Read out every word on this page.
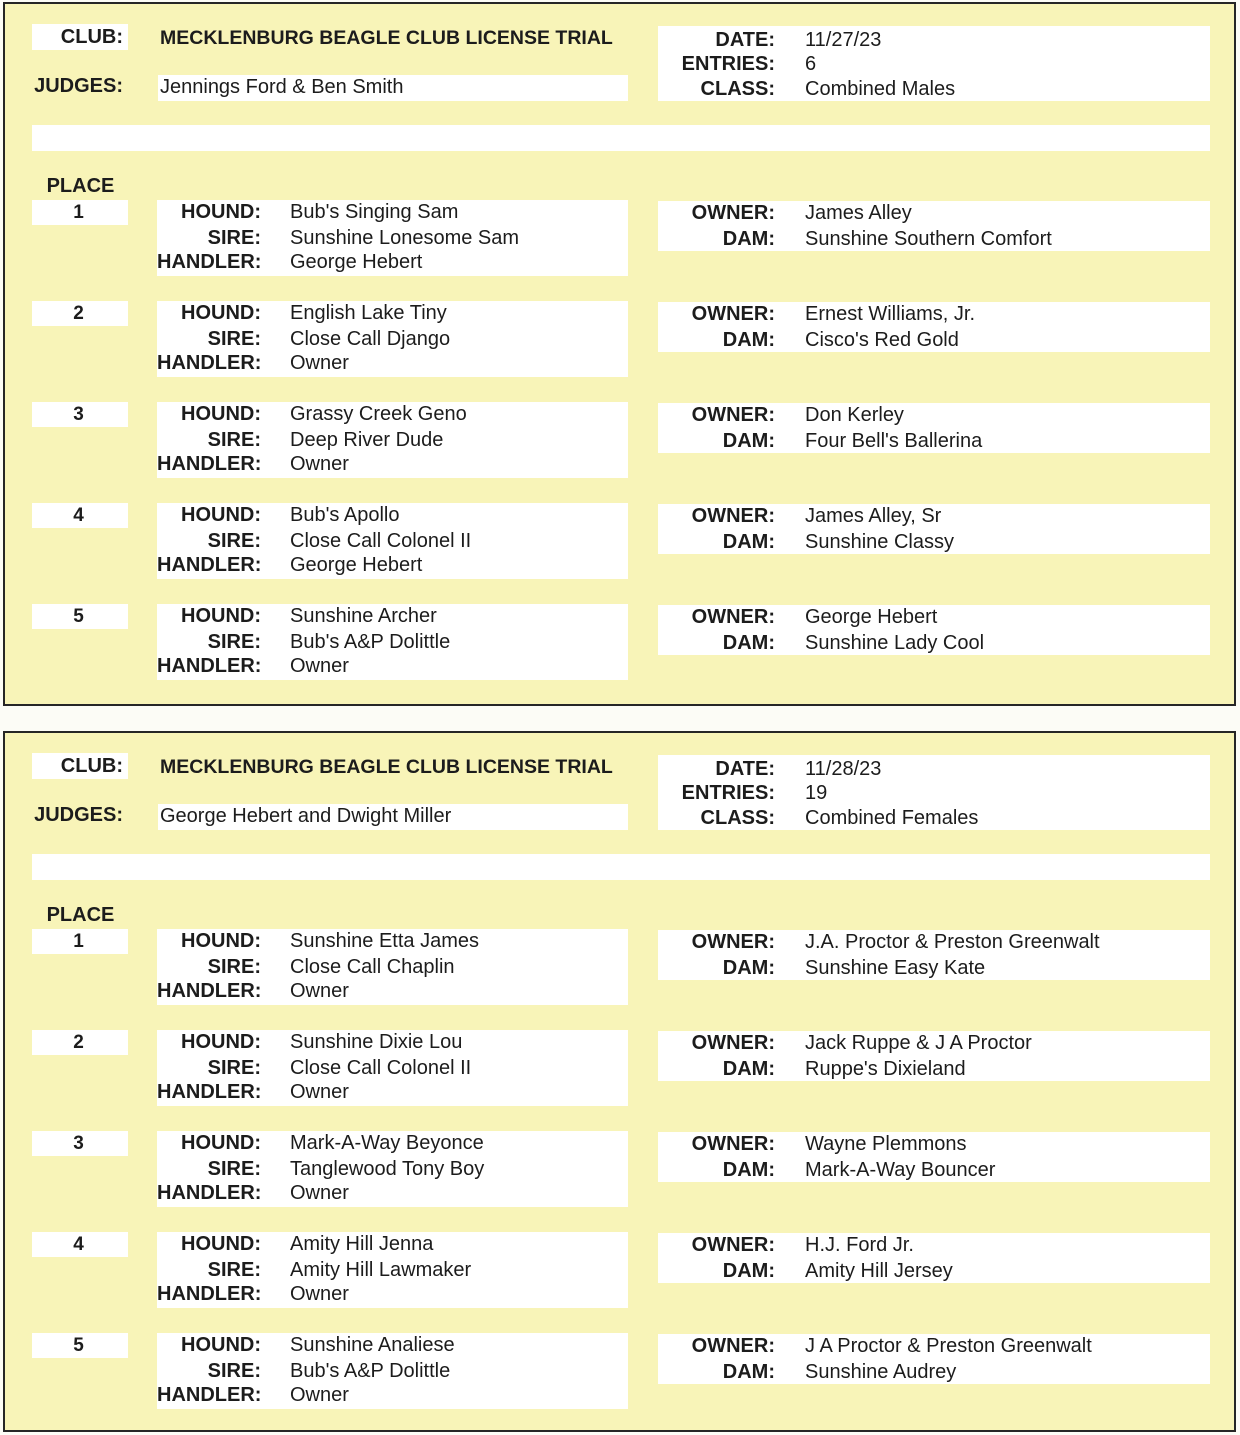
CLUB: MECKLENBURG BEAGLE CLUB LICENSE TRIAL
JUDGES: Jennings Ford & Ben Smith
DATE: 11/27/23
ENTRIES: 6
CLASS: Combined Males
PLACE
1	HOUND: Bub's Singing Sam
SIRE: Sunshine Lonesome Sam
HANDLER: George Hebert
OWNER: James Alley
DAM: Sunshine Southern Comfort
2	HOUND: English Lake Tiny
SIRE: Close Call Django
HANDLER: Owner
OWNER: Ernest Williams, Jr.
DAM: Cisco's Red Gold
3	HOUND: Grassy Creek Geno
SIRE: Deep River Dude
HANDLER: Owner
OWNER: Don Kerley
DAM: Four Bell's Ballerina
4	HOUND: Bub's Apollo
SIRE: Close Call Colonel II
HANDLER: George Hebert
OWNER: James Alley, Sr
DAM: Sunshine Classy
5	HOUND: Sunshine Archer
SIRE: Bub's A&P Dolittle
HANDLER: Owner
OWNER: George Hebert
DAM: Sunshine Lady Cool
CLUB: MECKLENBURG BEAGLE CLUB LICENSE TRIAL
JUDGES: George Hebert and Dwight Miller
DATE: 11/28/23
ENTRIES: 19
CLASS: Combined Females
PLACE
1	HOUND: Sunshine Etta James
SIRE: Close Call Chaplin
HANDLER: Owner
OWNER: J.A. Proctor & Preston Greenwalt
DAM: Sunshine Easy Kate
2	HOUND: Sunshine Dixie Lou
SIRE: Close Call Colonel II
HANDLER: Owner
OWNER: Jack Ruppe & J A Proctor
DAM: Ruppe's Dixieland
3	HOUND: Mark-A-Way Beyonce
SIRE: Tanglewood Tony Boy
HANDLER: Owner
OWNER: Wayne Plemmons
DAM: Mark-A-Way Bouncer
4	HOUND: Amity Hill Jenna
SIRE: Amity Hill Lawmaker
HANDLER: Owner
OWNER: H.J. Ford Jr.
DAM: Amity Hill Jersey
5	HOUND: Sunshine Analiese
SIRE: Bub's A&P Dolittle
HANDLER: Owner
OWNER: J A Proctor & Preston Greenwalt
DAM: Sunshine Audrey
